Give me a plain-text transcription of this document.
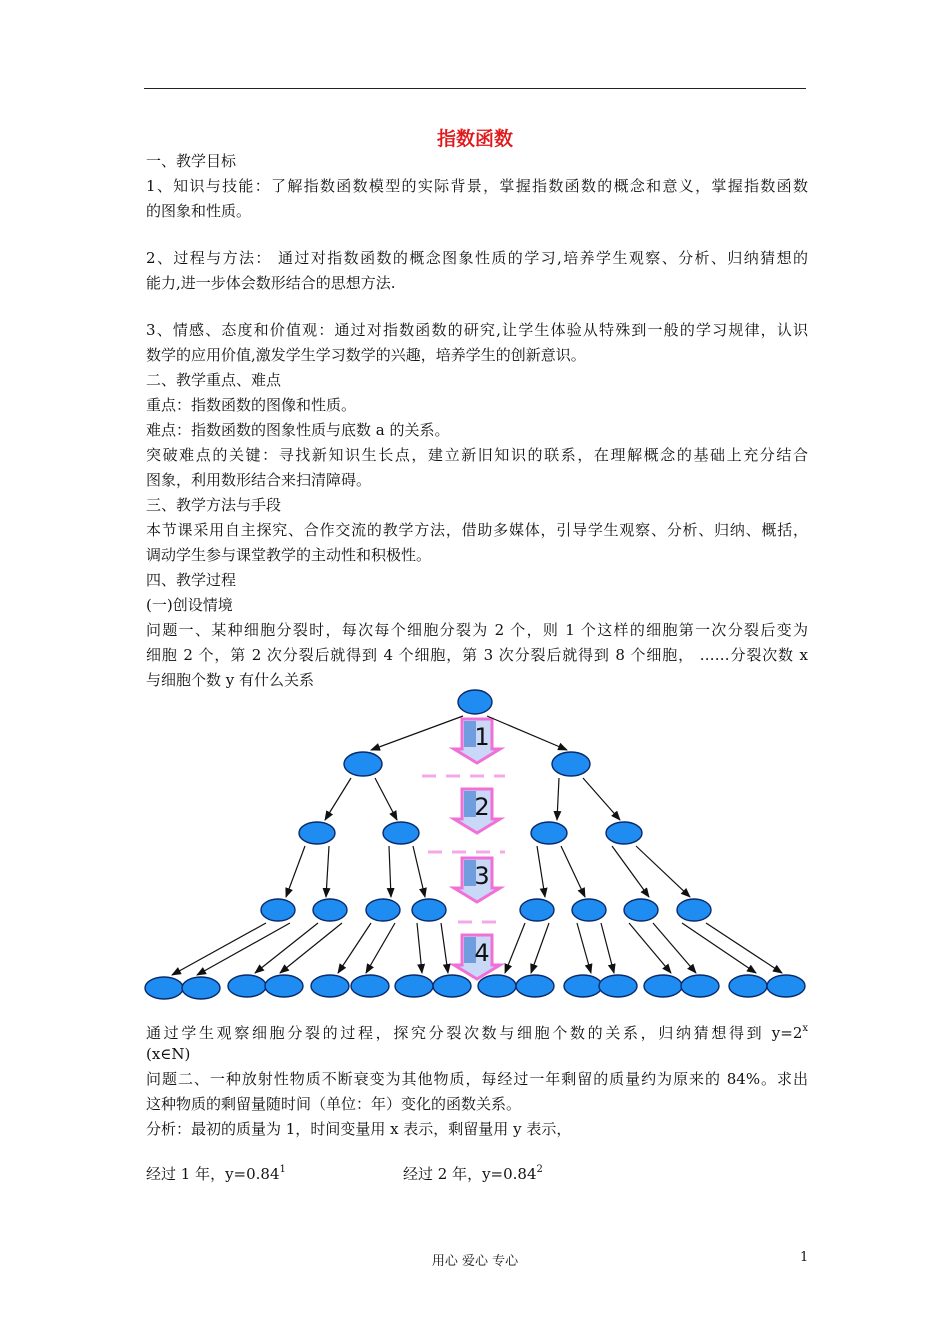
指数函数
一、教学目标
1、知识与技能：了解指数函数模型的实际背景，掌握指数函数的概念和意义，掌握指数函数
的图象和性质。
2、过程与方法： 通过对指数函数的概念图象性质的学习,培养学生观察、分析、归纳猜想的
能力,进一步体会数形结合的思想方法.
3、情感、态度和价值观：通过对指数函数的研究,让学生体验从特殊到一般的学习规律，认识
数学的应用价值,激发学生学习数学的兴趣，培养学生的创新意识。
二、教学重点、难点
重点：指数函数的图像和性质。
难点：指数函数的图象性质与底数 a 的关系。
突破难点的关键：寻找新知识生长点，建立新旧知识的联系，在理解概念的基础上充分结合
图象，利用数形结合来扫清障碍。
三、教学方法与手段
本节课采用自主探究、合作交流的教学方法，借助多媒体，引导学生观察、分析、归纳、概括，
调动学生参与课堂教学的主动性和积极性。
四、教学过程
(一)创设情境
问题一、某种细胞分裂时，每次每个细胞分裂为 2 个，则 1 个这样的细胞第一次分裂后变为
细胞 2 个，第 2 次分裂后就得到 4 个细胞，第 3 次分裂后就得到 8 个细胞， ……分裂次数 x
与细胞个数 y 有什么关系
1
2
3
4
通过学生观察细胞分裂的过程，探究分裂次数与细胞个数的关系，归纳猜想得到 $y=2^x$
(x∈N)
问题二、一种放射性物质不断衰变为其他物质，每经过一年剩留的质量约为原来的 84%。求出
这种物质的剩留量随时间（单位：年）变化的函数关系。
分析：最初的质量为 1，时间变量用 x 表示，剩留量用 y 表示，
经过 1 年，$y=0.84^1$	经过 2 年，$y=0.84^2$
用心 爱心 专心	1
